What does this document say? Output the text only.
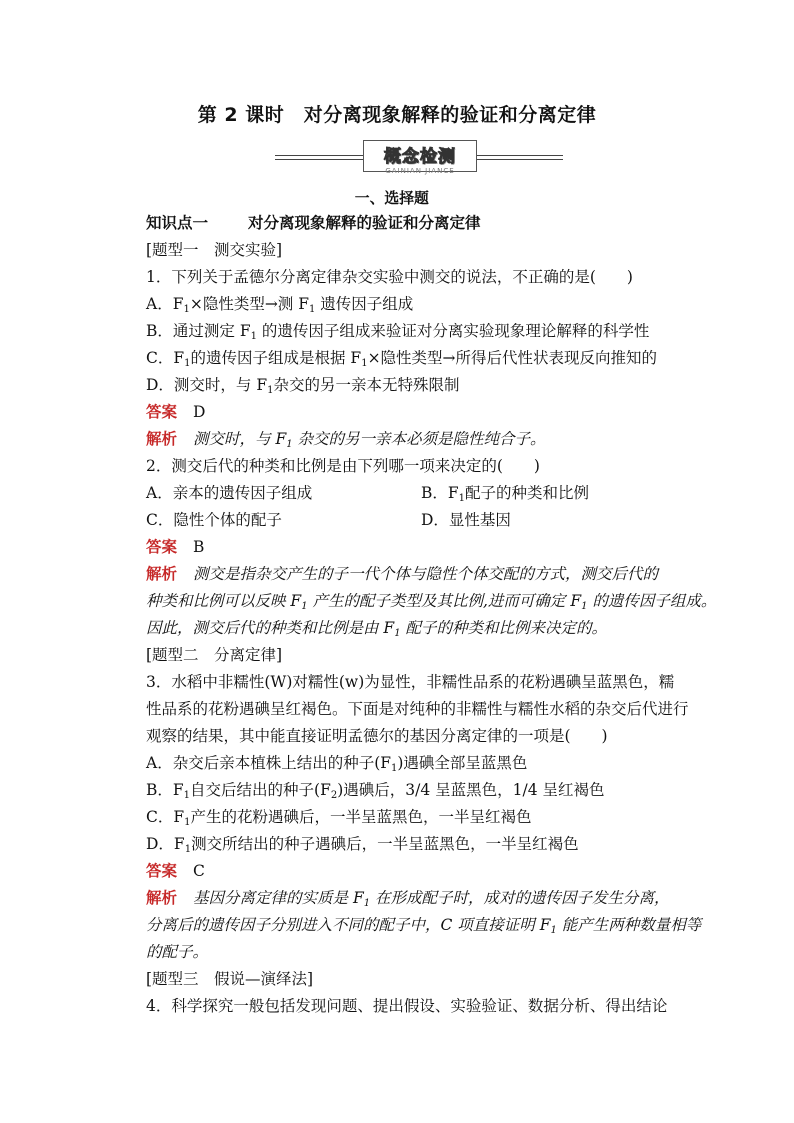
第 2 课时　对分离现象解释的验证和分离定律
概念检测
GAINIAN JIANCE
一、选择题
知识点一	对分离现象解释的验证和分离定律
[题型一　测交实验]
1．下列关于孟德尔分离定律杂交实验中测交的说法，不正确的是(　　)
A．$F_1\times$隐性类型→测 $F_1$ 遗传因子组成
B．通过测定 $F_1$ 的遗传因子组成来验证对分离实验现象理论解释的科学性
C．$F_1$的遗传因子组成是根据 $F_1\times$隐性类型→所得后代性状表现反向推知的
D．测交时，与 $F_1$杂交的另一亲本无特殊限制
答案 D
解析 测交时，与 $F_1$ 杂交的另一亲本必须是隐性纯合子。
2．测交后代的种类和比例是由下列哪一项来决定的(　　)
A．亲本的遗传因子组成	B．$F_1$配子的种类和比例
C．隐性个体的配子	D．显性基因
答案 B
解析 测交是指杂交产生的子一代个体与隐性个体交配的方式，测交后代的
种类和比例可以反映 $F_1$ 产生的配子类型及其比例,进而可确定 $F_1$ 的遗传因子组成。
因此，测交后代的种类和比例是由 $F_1$ 配子的种类和比例来决定的。
[题型二　分离定律]
3．水稻中非糯性(W)对糯性(w)为显性，非糯性品系的花粉遇碘呈蓝黑色，糯
性品系的花粉遇碘呈红褐色。下面是对纯种的非糯性与糯性水稻的杂交后代进行
观察的结果，其中能直接证明孟德尔的基因分离定律的一项是(　　)
A．杂交后亲本植株上结出的种子$(F_1)$遇碘全部呈蓝黑色
B．$F_1$自交后结出的种子$(F_2)$遇碘后，3/4 呈蓝黑色，1/4 呈红褐色
C．$F_1$产生的花粉遇碘后，一半呈蓝黑色，一半呈红褐色
D．$F_1$测交所结出的种子遇碘后，一半呈蓝黑色，一半呈红褐色
答案 C
解析 基因分离定律的实质是 $F_1$ 在形成配子时，成对的遗传因子发生分离，
分离后的遗传因子分别进入不同的配子中，C 项直接证明 $F_1$ 能产生两种数量相等
的配子。
[题型三　假说—演绎法]
4．科学探究一般包括发现问题、提出假设、实验验证、数据分析、得出结论
